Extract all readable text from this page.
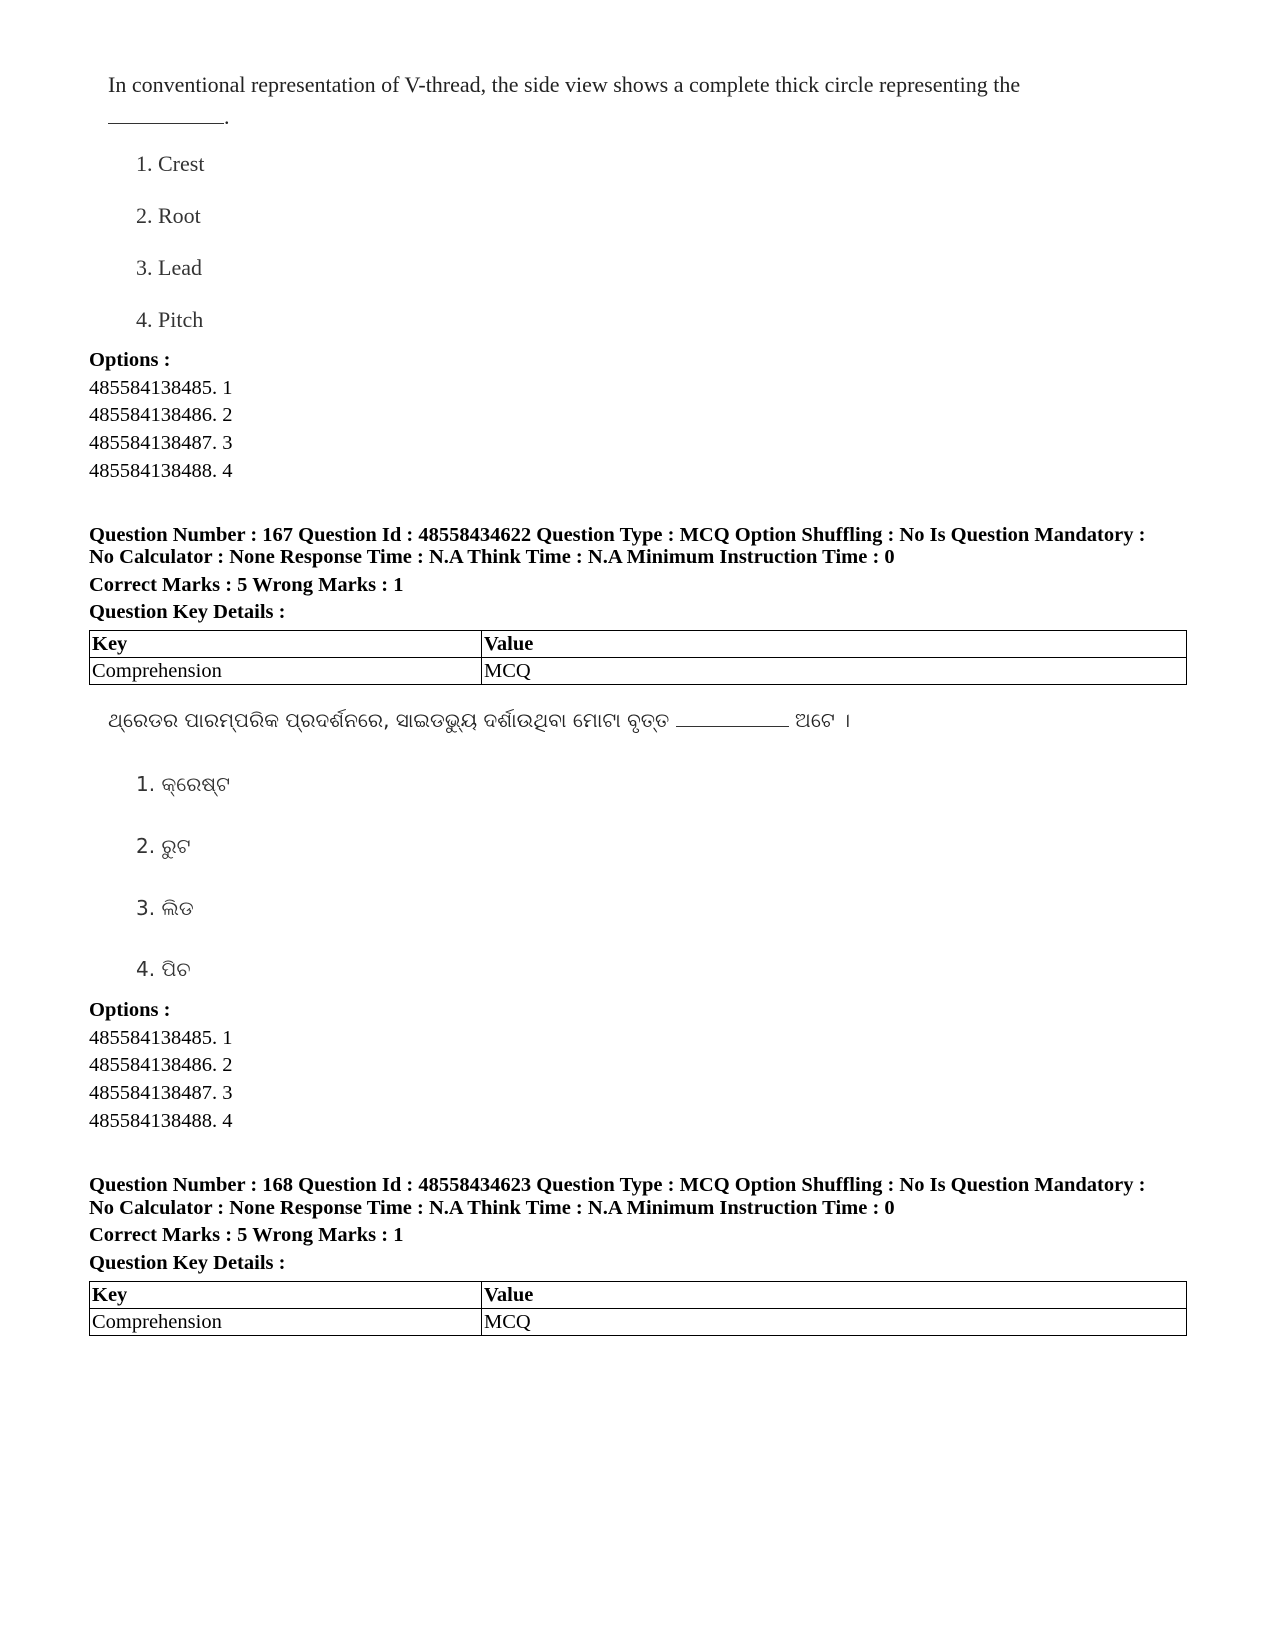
In conventional representation of V-thread, the side view shows a complete thick circle representing the
.
1. Crest
2. Root
3. Lead
4. Pitch
Options :
485584138485. 1
485584138486. 2
485584138487. 3
485584138488. 4
Question Number : 167 Question Id : 48558434622 Question Type : MCQ Option Shuffling : No Is Question Mandatory :
No Calculator : None Response Time : N.A Think Time : N.A Minimum Instruction Time : 0
Correct Marks : 5 Wrong Marks : 1
Question Key Details :
Key	Value
Comprehension	MCQ
ଥ୍ରେଡର ପାରମ୍ପରିକ ପ୍ରଦର୍ଶନରେ, ସାଇଡଭ୍ୟୁ ଦର୍ଶାଉଥିବା ମୋଟା ବୃତ୍ତ	ଅଟେ ।
1. କ୍ରେଷ୍ଟ
2. ରୁଟ
3. ଲିଡ
4. ପିଚ
Options :
485584138485. 1
485584138486. 2
485584138487. 3
485584138488. 4
Question Number : 168 Question Id : 48558434623 Question Type : MCQ Option Shuffling : No Is Question Mandatory :
No Calculator : None Response Time : N.A Think Time : N.A Minimum Instruction Time : 0
Correct Marks : 5 Wrong Marks : 1
Question Key Details :
Key	Value
Comprehension	MCQ
